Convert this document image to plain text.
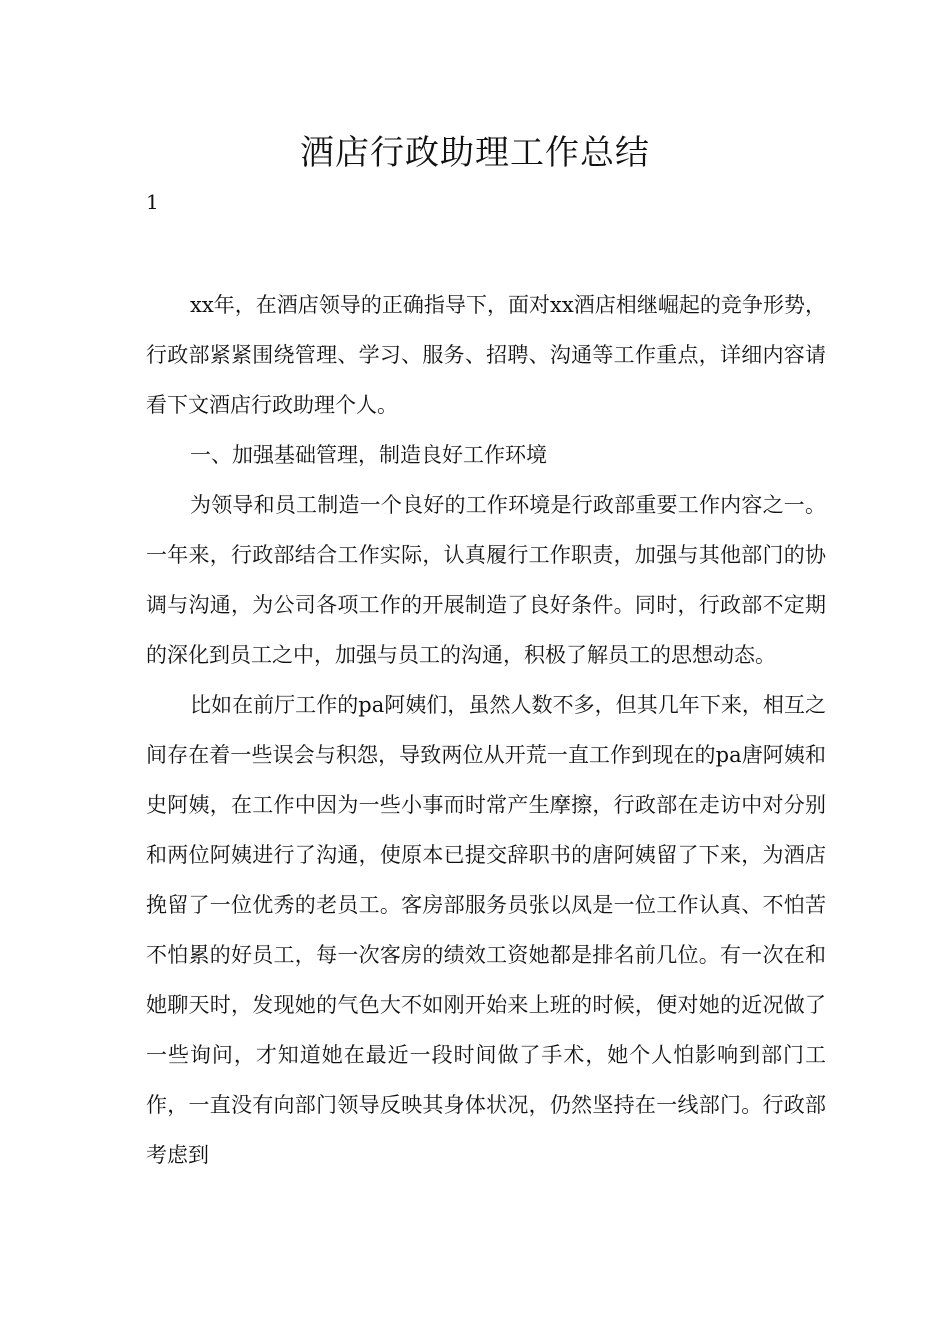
酒店行政助理工作总结
1

xx年，在酒店领导的正确指导下，面对xx酒店相继崛起的竞争形势，行政部紧紧围绕管理、学习、服务、招聘、沟通等工作重点，详细内容请看下文酒店行政助理个人。

一、加强基础管理，制造良好工作环境

为领导和员工制造一个良好的工作环境是行政部重要工作内容之一。一年来，行政部结合工作实际，认真履行工作职责，加强与其他部门的协调与沟通，为公司各项工作的开展制造了良好条件。同时，行政部不定期的深化到员工之中，加强与员工的沟通，积极了解员工的思想动态。

比如在前厅工作的pa阿姨们，虽然人数不多，但其几年下来，相互之间存在着一些误会与积怨，导致两位从开荒一直工作到现在的pa唐阿姨和史阿姨，在工作中因为一些小事而时常产生摩擦，行政部在走访中对分别和两位阿姨进行了沟通，使原本已提交辞职书的唐阿姨留了下来，为酒店挽留了一位优秀的老员工。客房部服务员张以凤是一位工作认真、不怕苦不怕累的好员工，每一次客房的绩效工资她都是排名前几位。有一次在和她聊天时，发现她的气色大不如刚开始来上班的时候，便对她的近况做了一些询问，才知道她在最近一段时间做了手术，她个人怕影响到部门工作，一直没有向部门领导反映其身体状况，仍然坚持在一线部门。行政部考虑到
